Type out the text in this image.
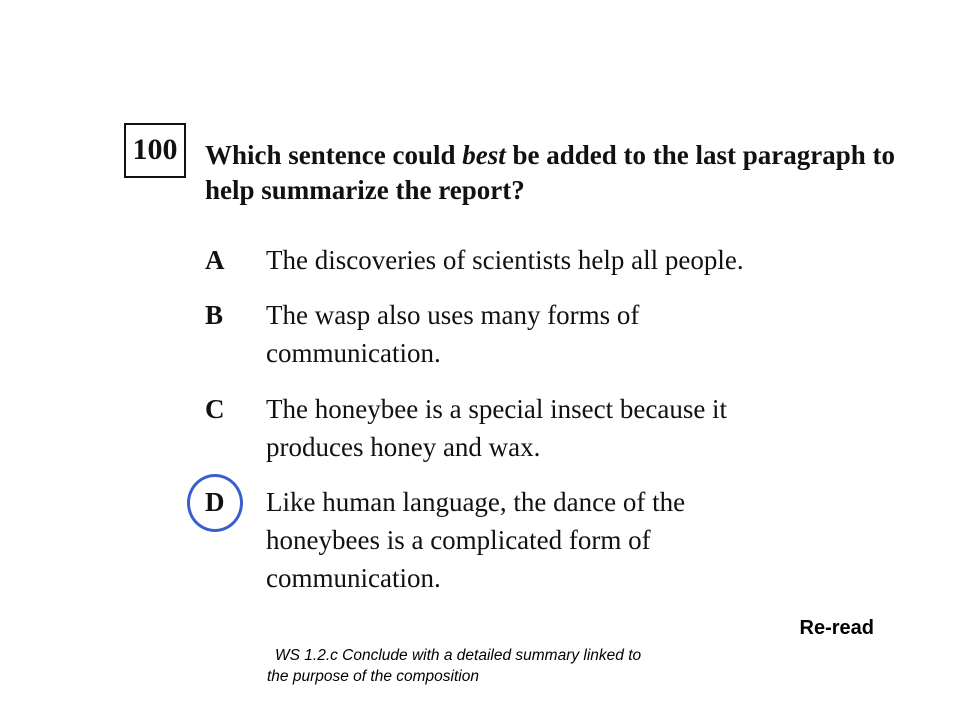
100	Which sentence could best be added to the last paragraph to help summarize the report?
A The discoveries of scientists help all people.
B The wasp also uses many forms of communication.
C The honeybee is a special insect because it produces honey and wax.
D Like human language, the dance of the honeybees is a complicated form of communication.
Re-read
WS 1.2.c Conclude with a detailed summary linked to
the purpose of the composition
